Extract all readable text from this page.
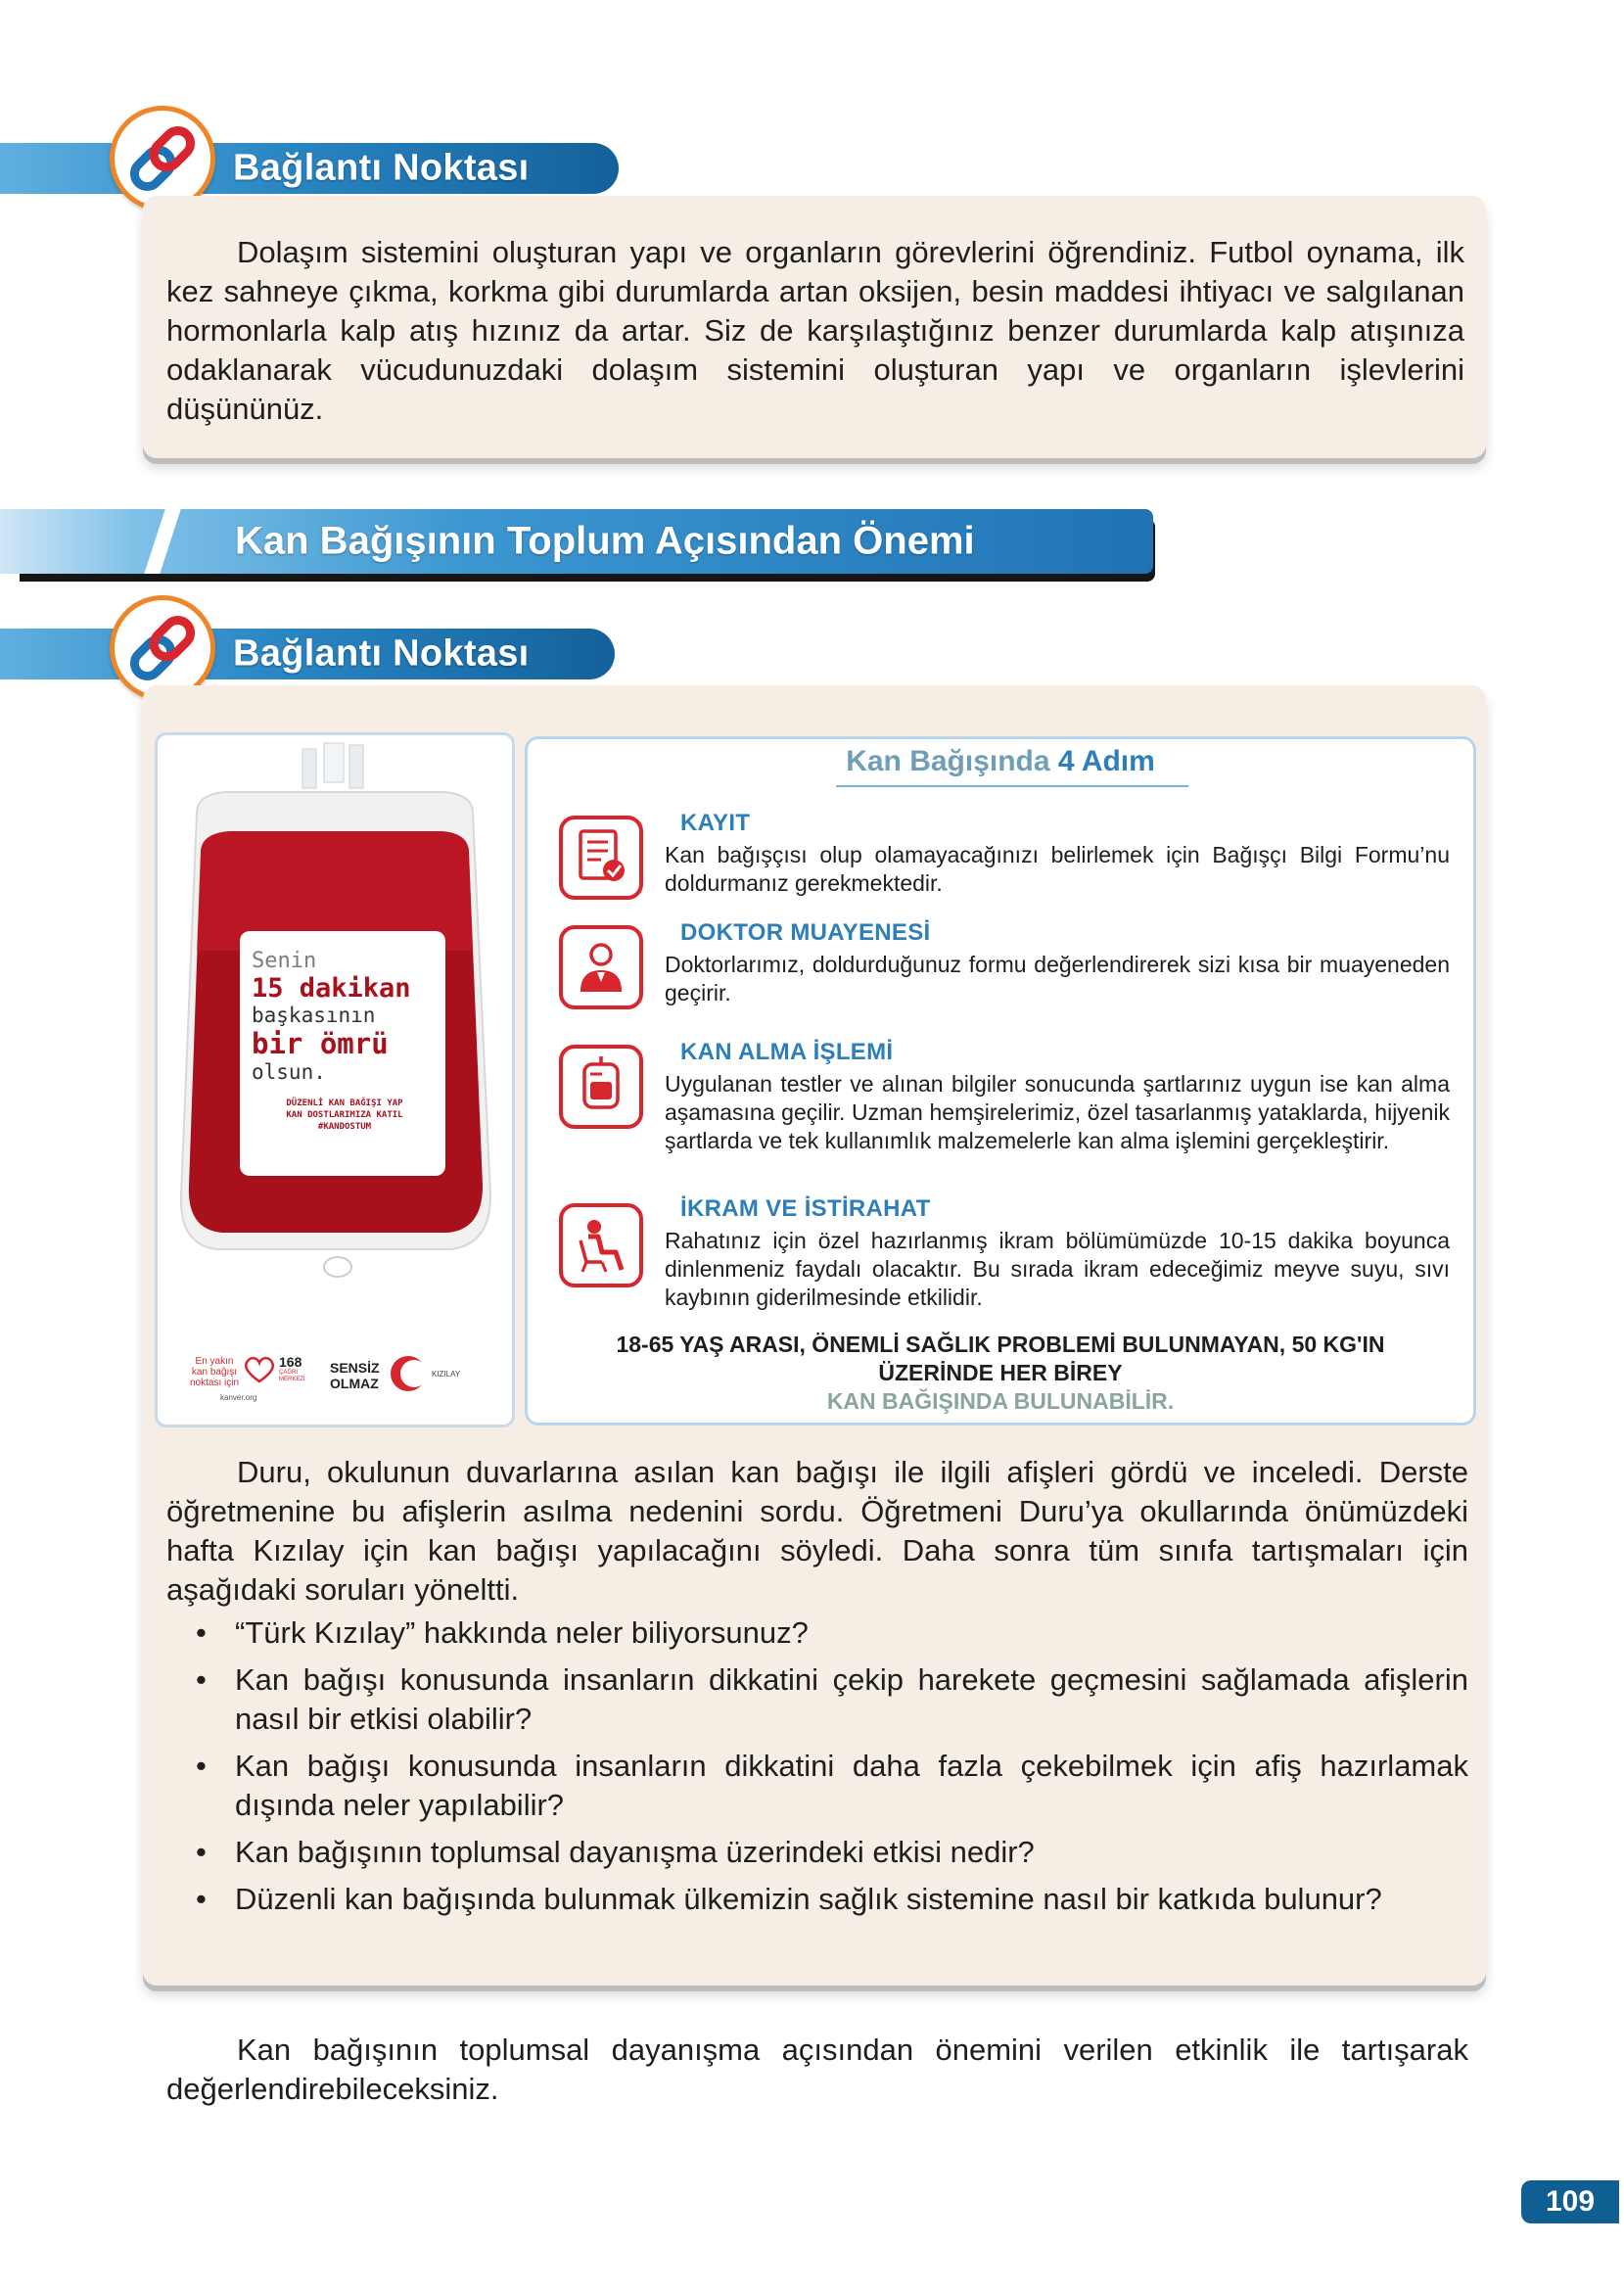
Bağlantı Noktası

Dolaşım sistemini oluşturan yapı ve organların görevlerini öğrendiniz. Futbol oynama, ilk kez sahneye çıkma, korkma gibi durumlarda artan oksijen, besin maddesi ihtiyacı ve salgılanan hormonlarla kalp atış hızınız da artar. Siz de karşılaştığınız benzer durumlarda kalp atışınıza odaklanarak vücudunuzdaki dolaşım sistemini oluşturan yapı ve organların işlevlerini düşününüz.

Kan Bağışının Toplum Açısından Önemi
Bağlantı Noktası
Senin
15 dakikan
başkasının
bir ömrü
olsun.
DÜZENLİ KAN BAĞIŞI YAP
KAN DOSTLARIMIZA KATIL
#KANDOSTUM
En yakın
kan bağışı
noktası için
168
ÇAĞRI MERKEZİ
SENSİZ
OLMAZ
KIZILAY
kanver.org
Kan Bağışında 4 Adım
KAYIT
Kan bağışçısı olup olamayacağınızı belirlemek için Bağışçı Bilgi Formu’nu doldurmanız gerekmektedir.
DOKTOR MUAYENESİ
Doktorlarımız, doldurduğunuz formu değerlendirerek sizi kısa bir muayeneden geçirir.
KAN ALMA İŞLEMİ
Uygulanan testler ve alınan bilgiler sonucunda şartlarınız uygun ise kan alma aşamasına geçilir. Uzman hemşirelerimiz, özel tasarlanmış yataklarda, hijyenik şartlarda ve tek kullanımlık malzemelerle kan alma işlemini gerçekleştirir.
İKRAM VE İSTİRAHAT
Rahatınız için özel hazırlanmış ikram bölümümüzde 10-15 dakika boyunca dinlenmeniz faydalı olacaktır. Bu sırada ikram edeceğimiz meyve suyu, sıvı kaybının giderilmesinde etkilidir.
18-65 YAŞ ARASI, ÖNEMLİ SAĞLIK PROBLEMİ BULUNMAYAN, 50 KG'IN
ÜZERİNDE HER BİREY
KAN BAĞIŞINDA BULUNABİLİR.

Duru, okulunun duvarlarına asılan kan bağışı ile ilgili afişleri gördü ve inceledi. Derste öğretmenine bu afişlerin asılma nedenini sordu. Öğretmeni Duru’ya okullarında önümüzdeki hafta Kızılay için kan bağışı yapılacağını söyledi. Daha sonra tüm sınıfa tartışmaları için aşağıdaki soruları yöneltti.

• “Türk Kızılay” hakkında neler biliyorsunuz?
• Kan bağışı konusunda insanların dikkatini çekip harekete geçmesini sağlamada afişlerin nasıl bir etkisi olabilir?
• Kan bağışı konusunda insanların dikkatini daha fazla çekebilmek için afiş hazırlamak dışında neler yapılabilir?
• Kan bağışının toplumsal dayanışma üzerindeki etkisi nedir?
• Düzenli kan bağışında bulunmak ülkemizin sağlık sistemine nasıl bir katkıda bulunur?

Kan bağışının toplumsal dayanışma açısından önemini verilen etkinlik ile tartışarak değerlendirebileceksiniz.

109
